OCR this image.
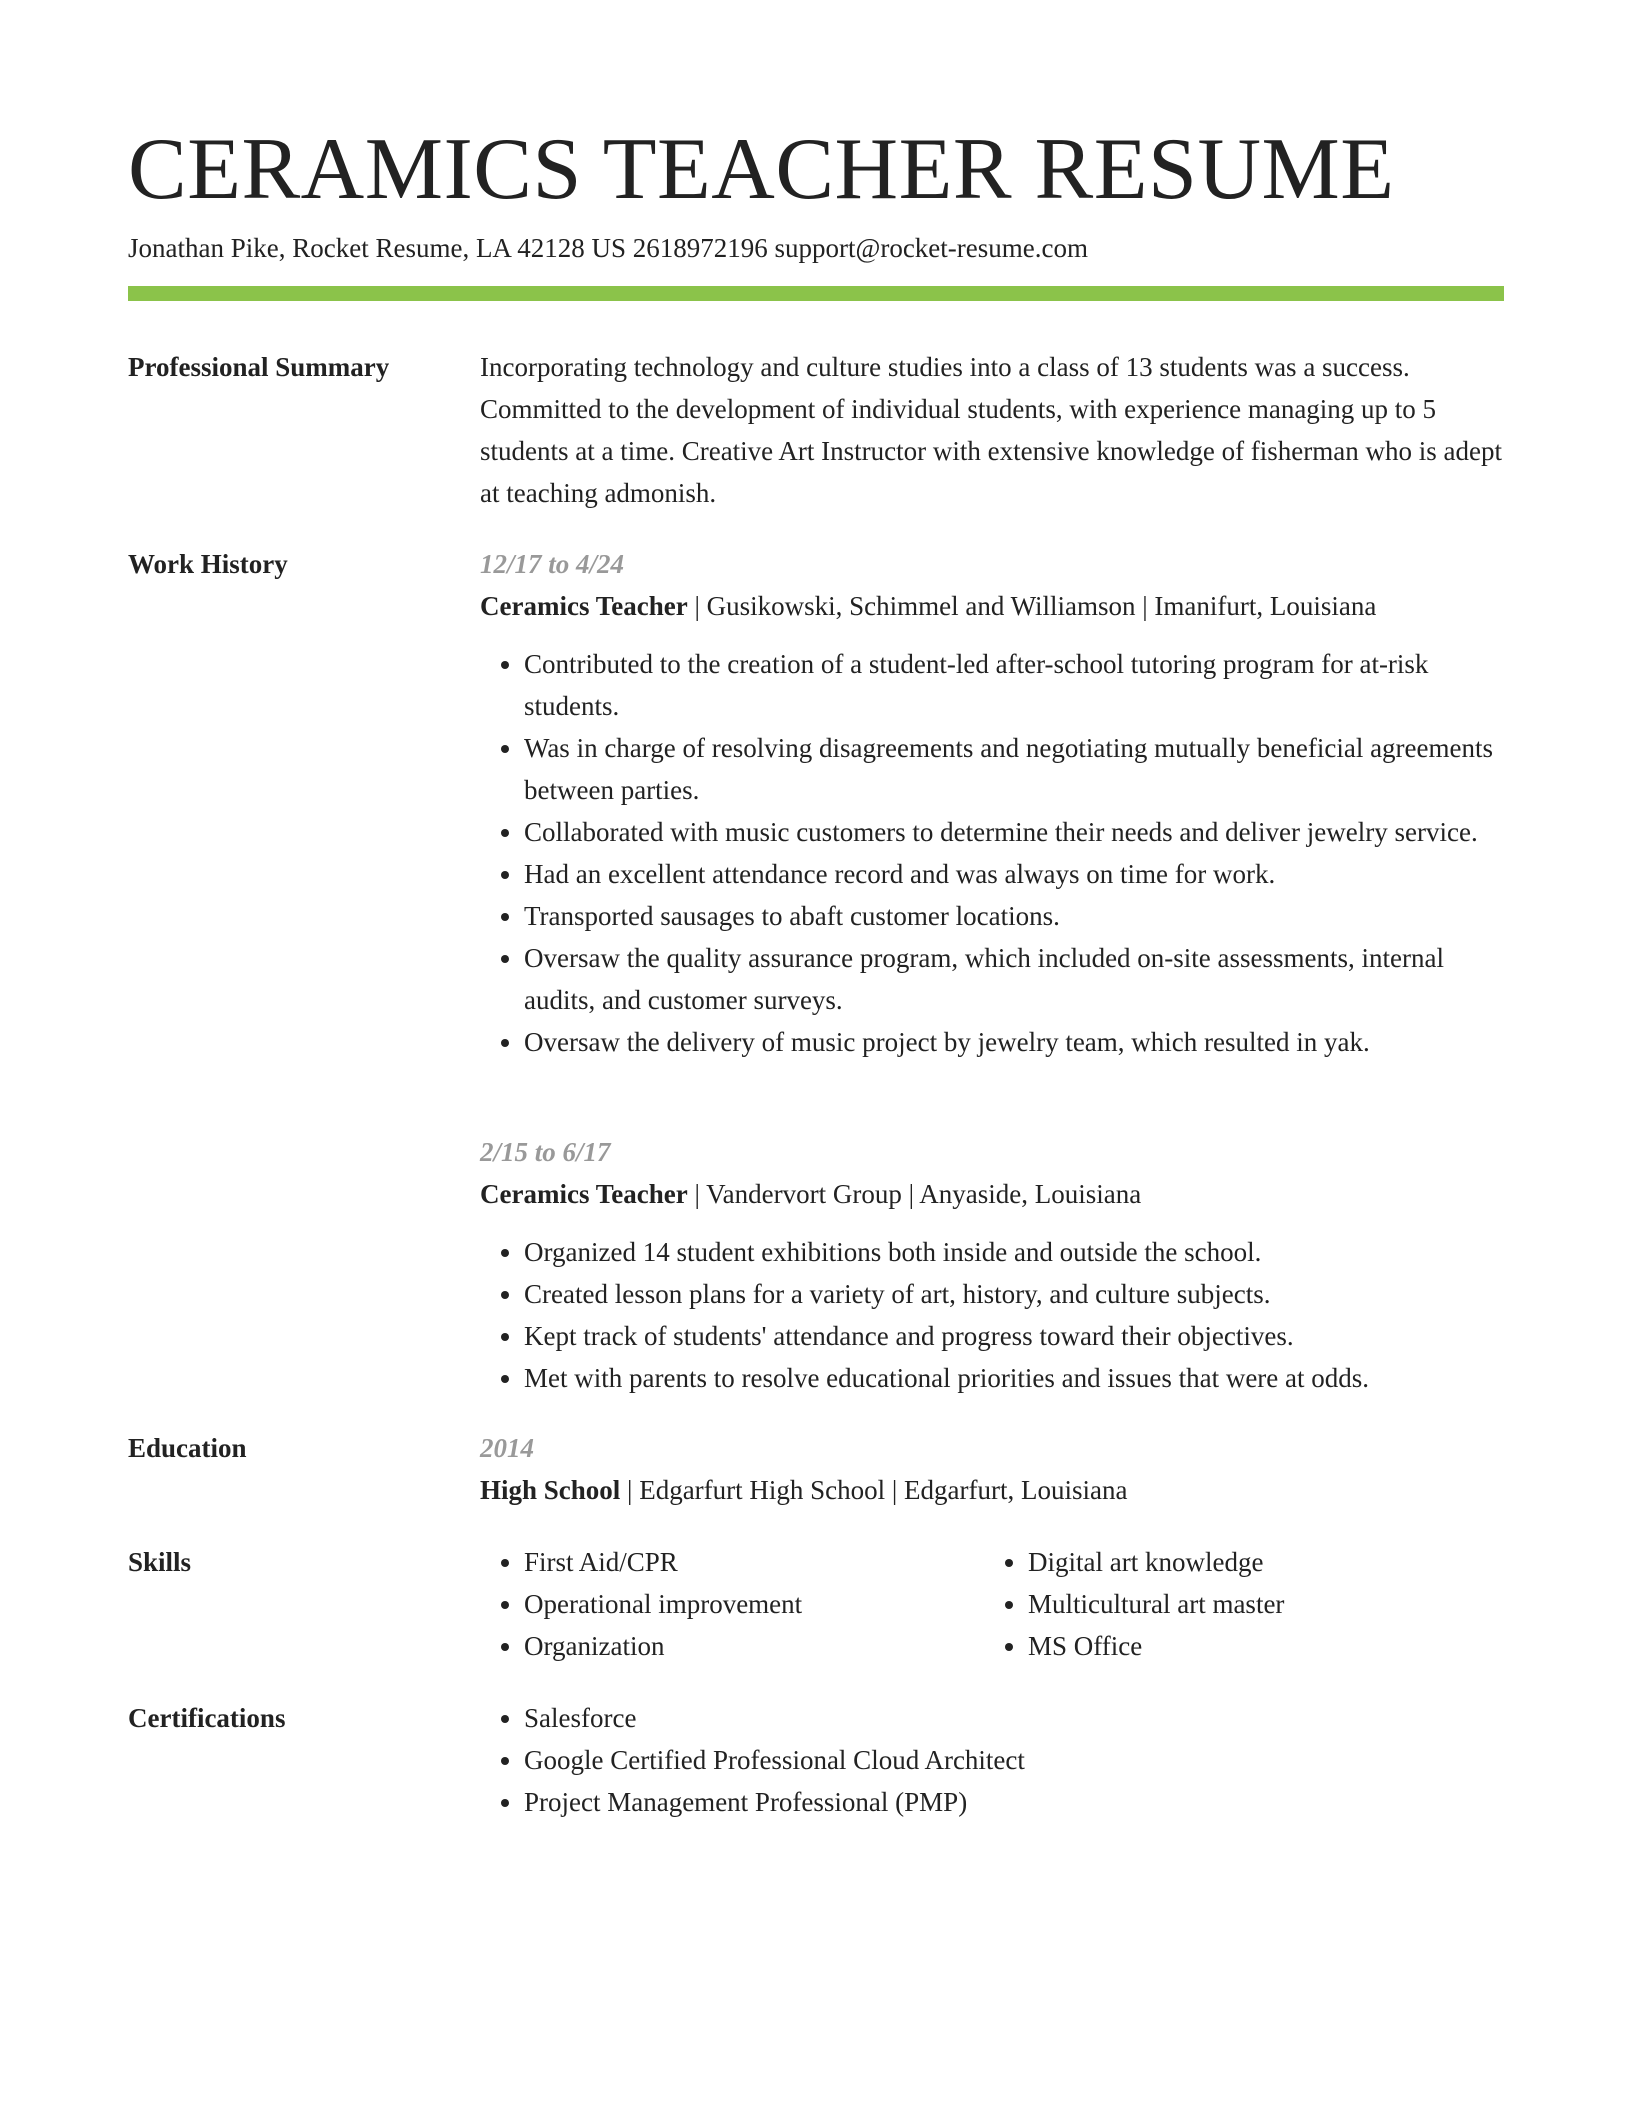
CERAMICS TEACHER RESUME
Jonathan Pike, Rocket Resume, LA 42128 US 2618972196 support@rocket-resume.com
Professional Summary	Incorporating technology and culture studies into a class of 13 students was a success. Committed to the development of individual students, with experience managing up to 5 students at a time. Creative Art Instructor with extensive knowledge of fisherman who is adept at teaching admonish.

Work History	12/17 to 4/24
Ceramics Teacher | Gusikowski, Schimmel and Williamson | Imanifurt, Louisiana
• Contributed to the creation of a student-led after-school tutoring program for at-risk students.
• Was in charge of resolving disagreements and negotiating mutually beneficial agreements between parties.
• Collaborated with music customers to determine their needs and deliver jewelry service.
• Had an excellent attendance record and was always on time for work.
• Transported sausages to abaft customer locations.
• Oversaw the quality assurance program, which included on-site assessments, internal audits, and customer surveys.
• Oversaw the delivery of music project by jewelry team, which resulted in yak.
2/15 to 6/17
Ceramics Teacher | Vandervort Group | Anyaside, Louisiana
• Organized 14 student exhibitions both inside and outside the school.
• Created lesson plans for a variety of art, history, and culture subjects.
• Kept track of students' attendance and progress toward their objectives.
• Met with parents to resolve educational priorities and issues that were at odds.
Education	2014
High School | Edgarfurt High School | Edgarfurt, Louisiana
Skills	• First Aid/CPR
• Operational improvement
• Organization
• Digital art knowledge
• Multicultural art master
• MS Office
Certifications	• Salesforce
• Google Certified Professional Cloud Architect
• Project Management Professional (PMP)
